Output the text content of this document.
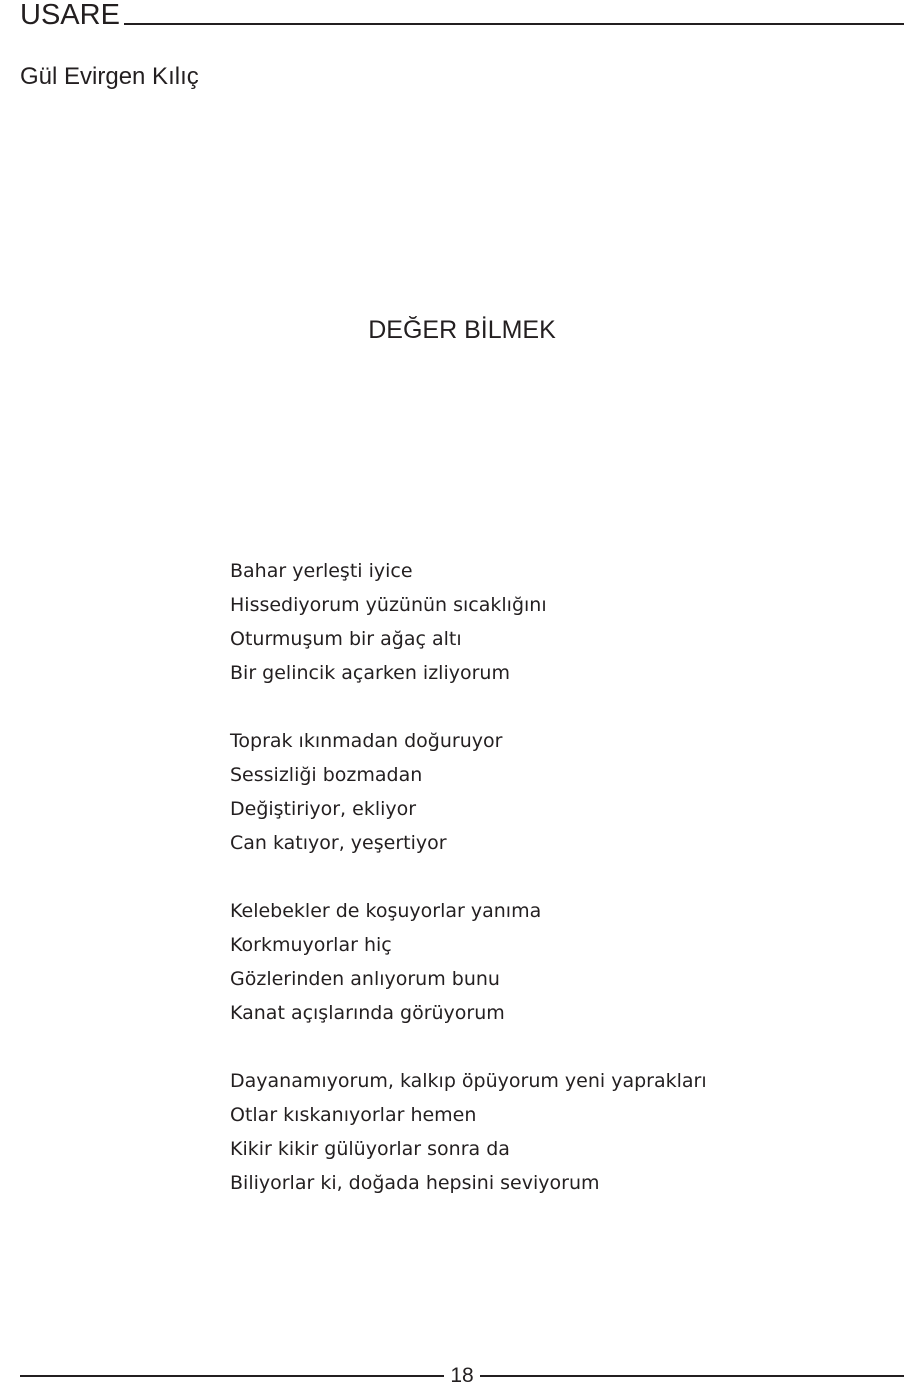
USARE
Gül Evirgen Kılıç
DEĞER BİLMEK
Bahar yerleşti iyice
Hissediyorum yüzünün sıcaklığını
Oturmuşum bir ağaç altı
Bir gelincik açarken izliyorum
Toprak ıkınmadan doğuruyor
Sessizliği bozmadan
Değiştiriyor, ekliyor
Can katıyor, yeşertiyor
Kelebekler de koşuyorlar yanıma
Korkmuyorlar hiç
Gözlerinden anlıyorum bunu
Kanat açışlarında görüyorum
Dayanamıyorum, kalkıp öpüyorum yeni yaprakları
Otlar kıskanıyorlar hemen
Kikir kikir gülüyorlar sonra da
Biliyorlar ki, doğada hepsini seviyorum
18
